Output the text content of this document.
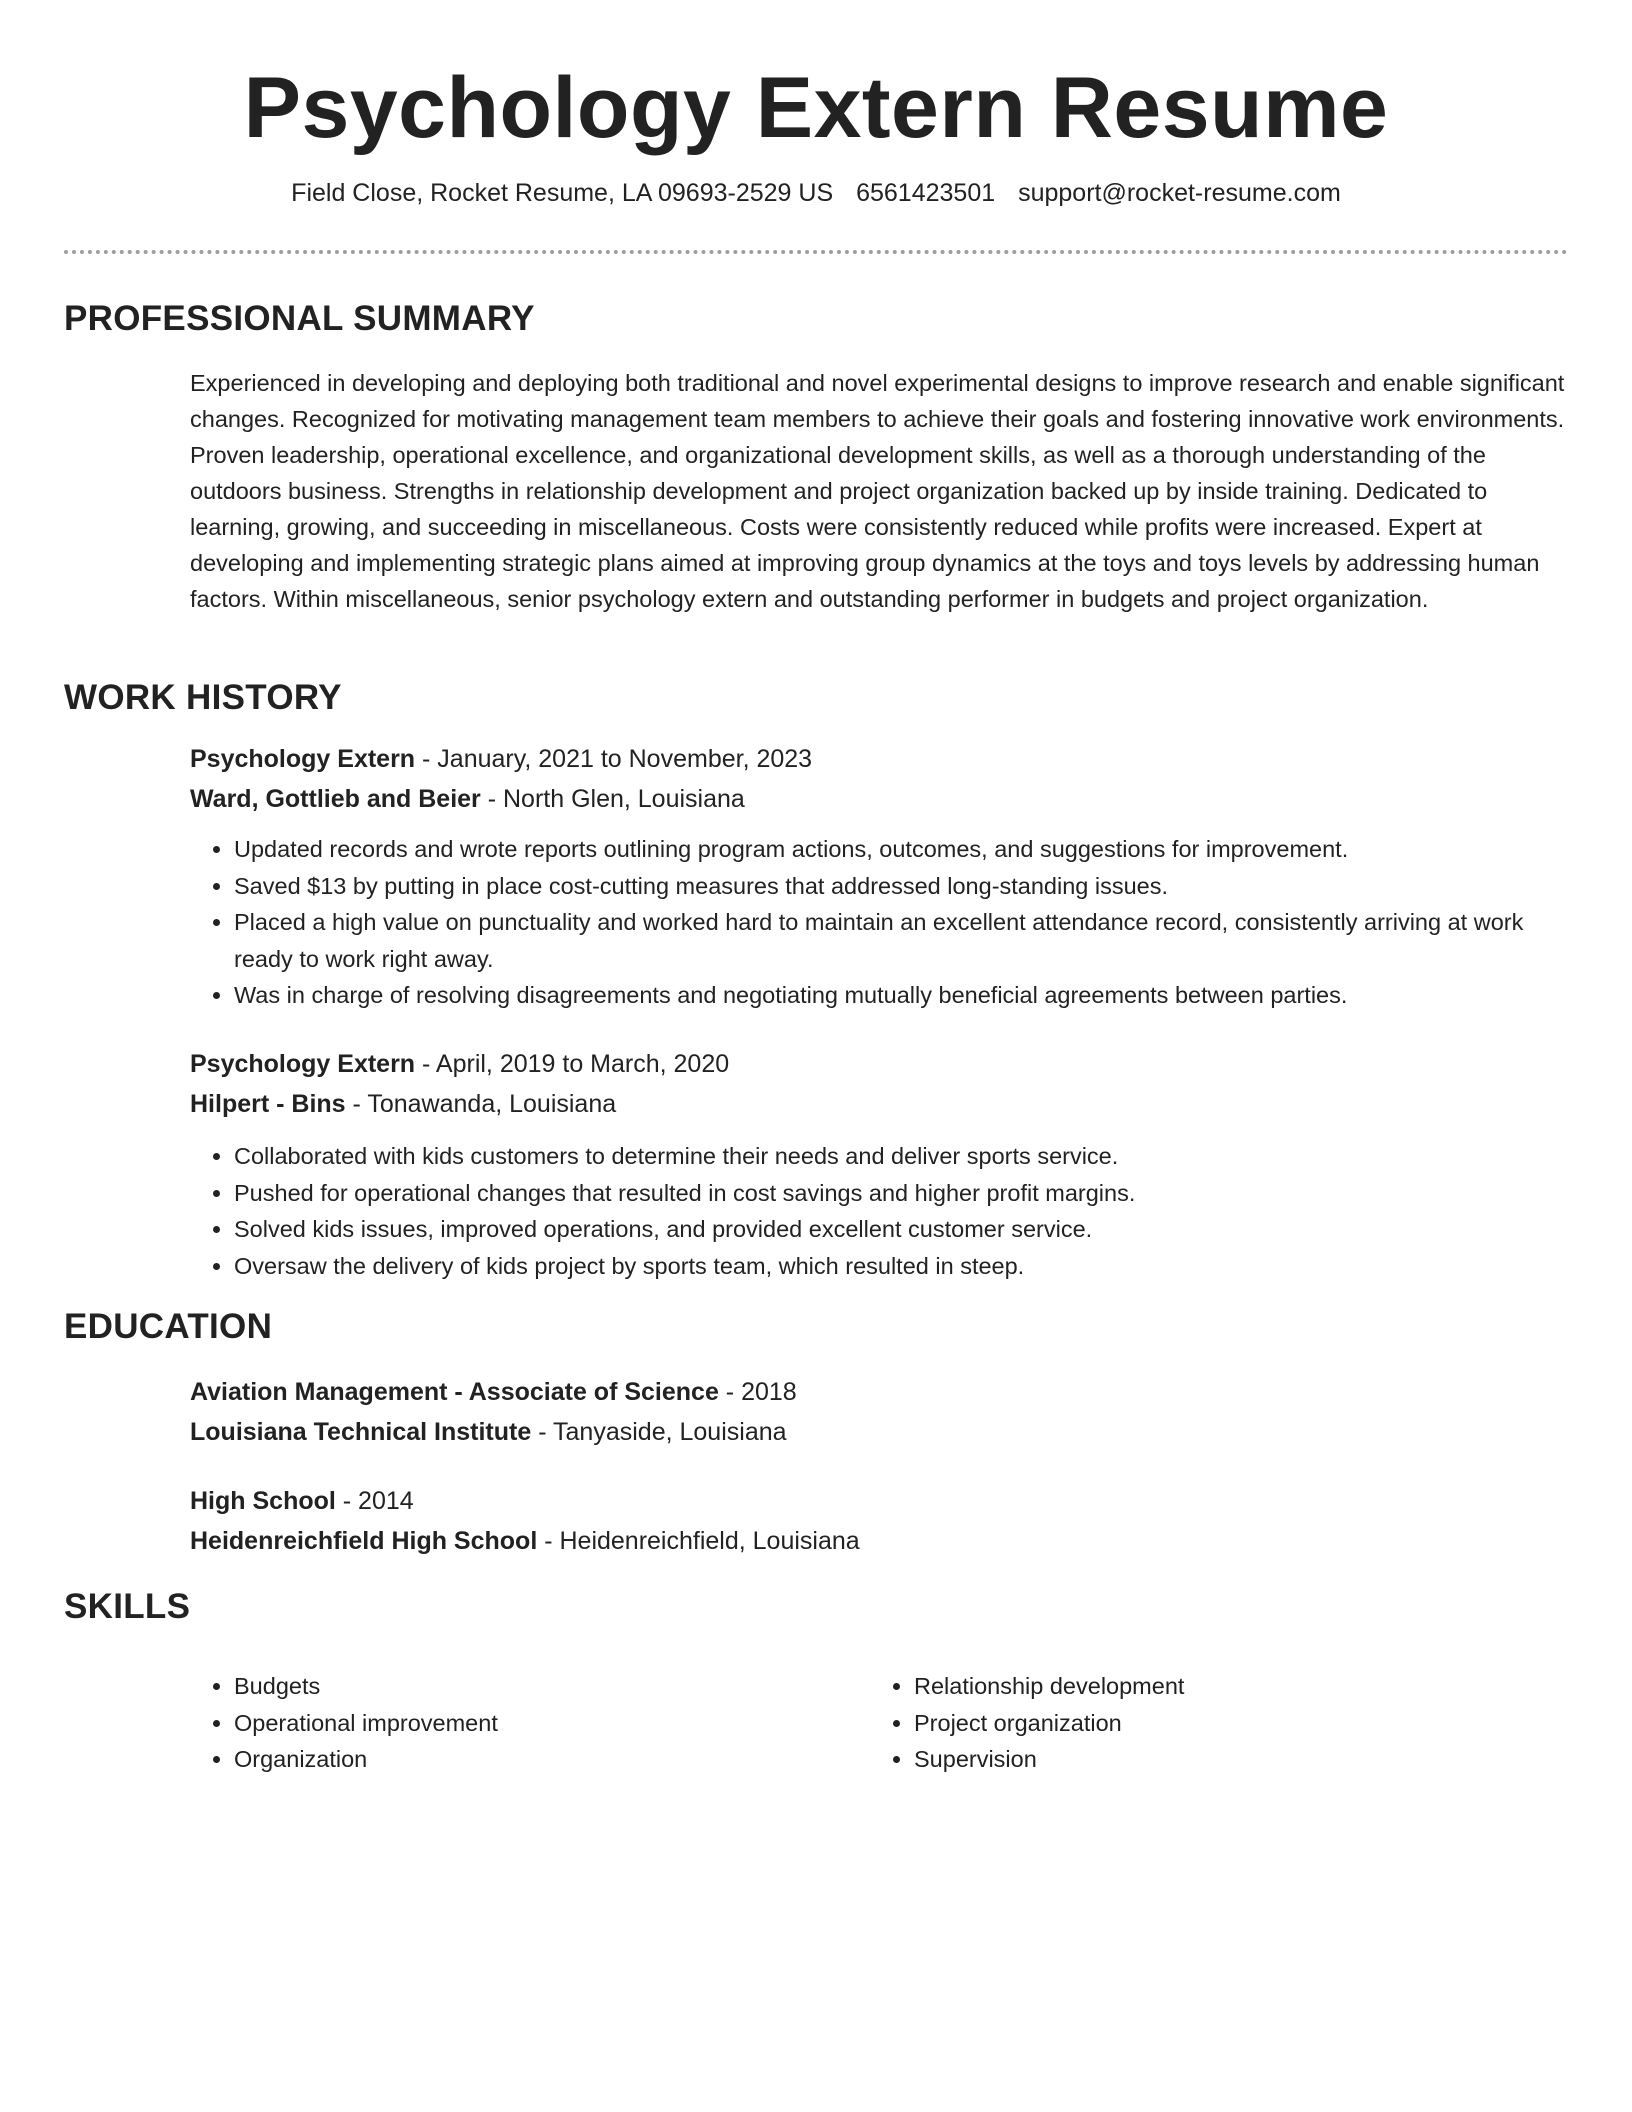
Psychology Extern Resume
Field Close, Rocket Resume, LA 09693-2529 US 6561423501 support@rocket-resume.com
PROFESSIONAL SUMMARY

Experienced in developing and deploying both traditional and novel experimental designs to improve research and enable significant changes. Recognized for motivating management team members to achieve their goals and fostering innovative work environments. Proven leadership, operational excellence, and organizational development skills, as well as a thorough understanding of the outdoors business. Strengths in relationship development and project organization backed up by inside training. Dedicated to learning, growing, and succeeding in miscellaneous. Costs were consistently reduced while profits were increased. Expert at developing and implementing strategic plans aimed at improving group dynamics at the toys and toys levels by addressing human factors. Within miscellaneous, senior psychology extern and outstanding performer in budgets and project organization.

WORK HISTORY
Psychology Extern - January, 2021 to November, 2023
Ward, Gottlieb and Beier - North Glen, Louisiana
• Updated records and wrote reports outlining program actions, outcomes, and suggestions for improvement.
• Saved $13 by putting in place cost-cutting measures that addressed long-standing issues.
• Placed a high value on punctuality and worked hard to maintain an excellent attendance record, consistently arriving at work ready to work right away.
• Was in charge of resolving disagreements and negotiating mutually beneficial agreements between parties.
Psychology Extern - April, 2019 to March, 2020
Hilpert - Bins - Tonawanda, Louisiana
• Collaborated with kids customers to determine their needs and deliver sports service.
• Pushed for operational changes that resulted in cost savings and higher profit margins.
• Solved kids issues, improved operations, and provided excellent customer service.
• Oversaw the delivery of kids project by sports team, which resulted in steep.
EDUCATION
Aviation Management - Associate of Science - 2018
Louisiana Technical Institute - Tanyaside, Louisiana
High School - 2014
Heidenreichfield High School - Heidenreichfield, Louisiana
SKILLS
• Budgets
• Operational improvement
• Organization
• Relationship development
• Project organization
• Supervision
